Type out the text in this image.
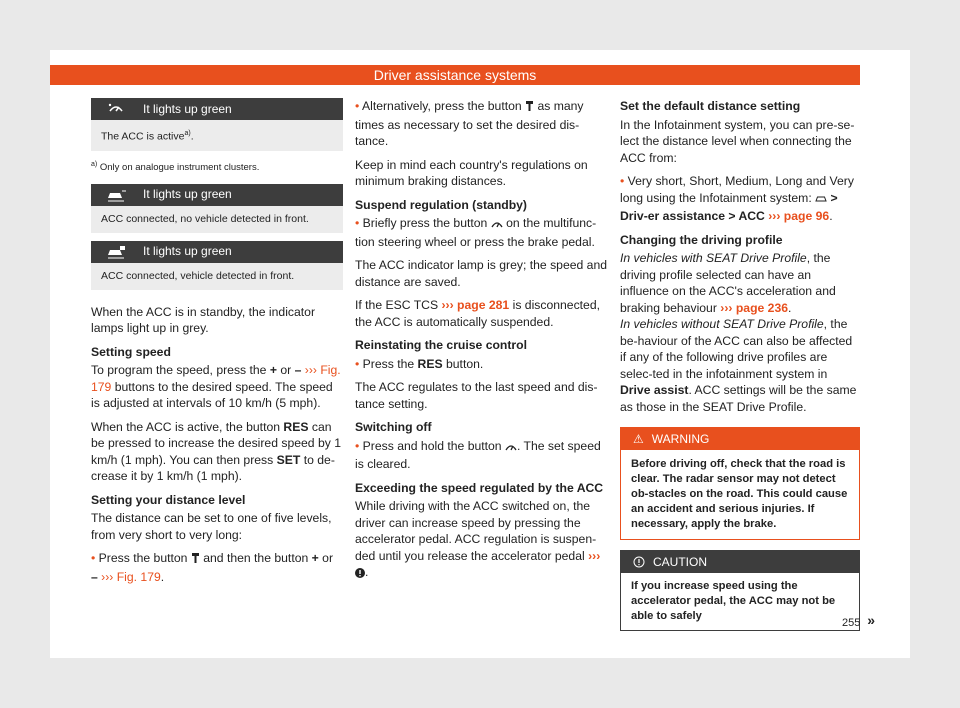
Driver assistance systems
It lights up green
The ACC is active$^{a)}$.

$^{a)}$ Only on analogue instrument clusters.

It lights up green
ACC connected, no vehicle detected in front.
It lights up green
ACC connected, vehicle detected in front.

When the ACC is in standby, the indicator lamps light up in grey.

Setting speed

To program the speed, press the + or – ››› Fig. 179 buttons to the desired speed. The speed is adjusted at intervals of 10 km/h (5 mph).

When the ACC is active, the button RES can be pressed to increase the desired speed by 1 km/h (1 mph). You can then press SET to de-crease it by 1 km/h (1 mph).

Setting your distance level

The distance can be set to one of five levels, from very short to very long:

• Press the button and then the button + or
– ››› Fig. 179.

• Alternatively, press the button as many times as necessary to set the desired dis-tance.

Keep in mind each country's regulations on minimum braking distances.

Suspend regulation (standby)

• Briefly press the button on the multifunc-tion steering wheel or press the brake pedal.

The ACC indicator lamp is grey; the speed and distance are saved.

If the ESC TCS ››› page 281 is disconnected, the ACC is automatically suspended.

Reinstating the cruise control

• Press the RES button.

The ACC regulates to the last speed and dis-tance setting.

Switching off

• Press and hold the button . The set speed is cleared.

Exceeding the speed regulated by the ACC

While driving with the ACC switched on, the driver can increase speed by pressing the accelerator pedal. ACC regulation is suspen-ded until you release the accelerator pedal ››› .

Set the default distance setting

In the Infotainment system, you can pre-se-lect the distance level when connecting the ACC from:

• Very short, Short, Medium, Long and Very long using the Infotainment system: > Driv-er assistance > ACC ››› page 96.

Changing the driving profile

In vehicles with SEAT Drive Profile, the driving profile selected can have an influence on the ACC's acceleration and braking behaviour ››› page 236.
In vehicles without SEAT Drive Profile, the be-haviour of the ACC can also be affected if any of the following drive profiles are selec-ted in the infotainment system in Drive assist. ACC settings will be the same as those in the SEAT Drive Profile.

⚠ WARNING
Before driving off, check that the road is clear. The radar sensor may not detect ob-stacles on the road. This could cause an accident and serious injuries. If necessary, apply the brake.
CAUTION
If you increase speed using the accelerator pedal, the ACC may not be able to safely	»
255
